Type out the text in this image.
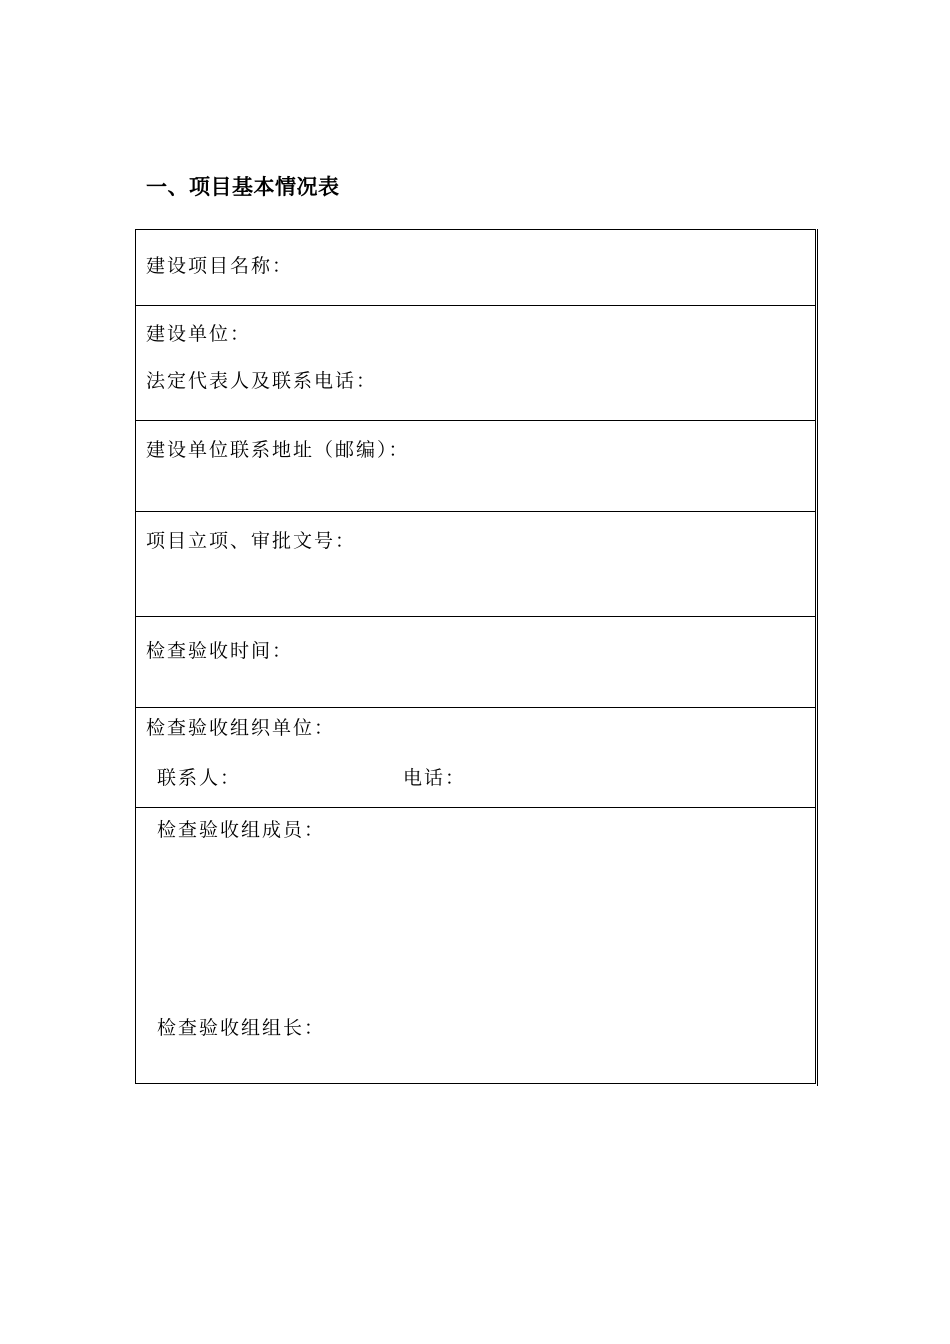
一、项目基本情况表

建设项目名称：

建设单位：

法定代表人及联系电话：

建设单位联系地址（邮编）：

项目立项、审批文号：

检查验收时间：

检查验收组织单位：

联系人：	电话：

检查验收组成员：

检查验收组组长：
